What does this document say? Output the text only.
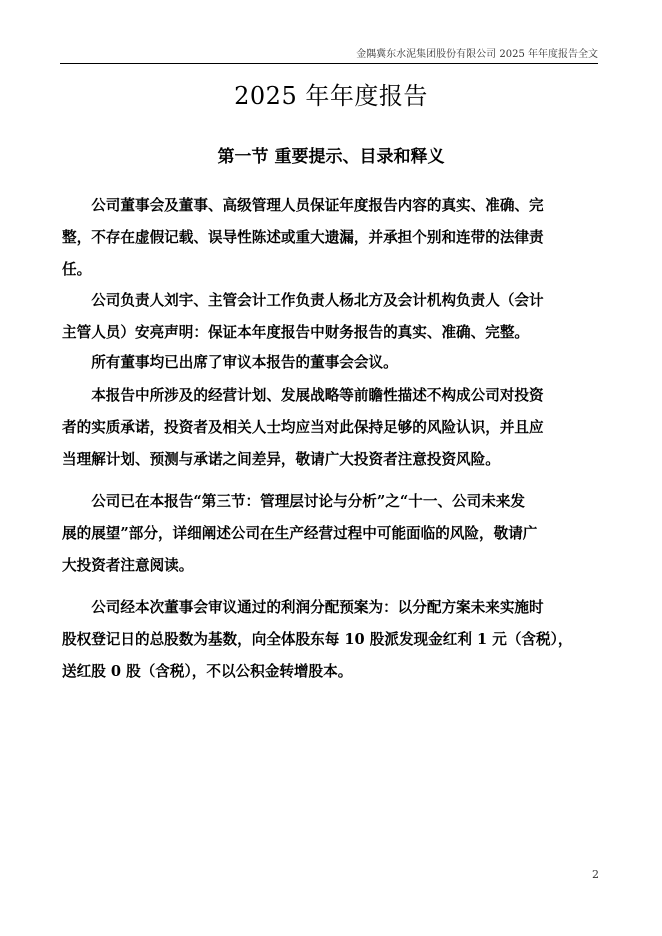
金隅冀东水泥集团股份有限公司 2025 年年度报告全文
2025 年年度报告
第一节 重要提示、目录和释义
　　公司董事会及董事、高级管理人员保证年度报告内容的真实、准确、完
整，不存在虚假记载、误导性陈述或重大遗漏，并承担个别和连带的法律责
任。
　　公司负责人刘宇、主管会计工作负责人杨北方及会计机构负责人（会计
主管人员）安亮声明：保证本年度报告中财务报告的真实、准确、完整。
　　所有董事均已出席了审议本报告的董事会会议。
　　本报告中所涉及的经营计划、发展战略等前瞻性描述不构成公司对投资
者的实质承诺，投资者及相关人士均应当对此保持足够的风险认识，并且应
当理解计划、预测与承诺之间差异，敬请广大投资者注意投资风险。
　　公司已在本报告“第三节：管理层讨论与分析”之“十一、公司未来发
展的展望”部分，详细阐述公司在生产经营过程中可能面临的风险，敬请广
大投资者注意阅读。
　　公司经本次董事会审议通过的利润分配预案为：以分配方案未来实施时
股权登记日的总股数为基数，向全体股东每 10 股派发现金红利 1 元（含税），
送红股 0 股（含税），不以公积金转增股本。
2
